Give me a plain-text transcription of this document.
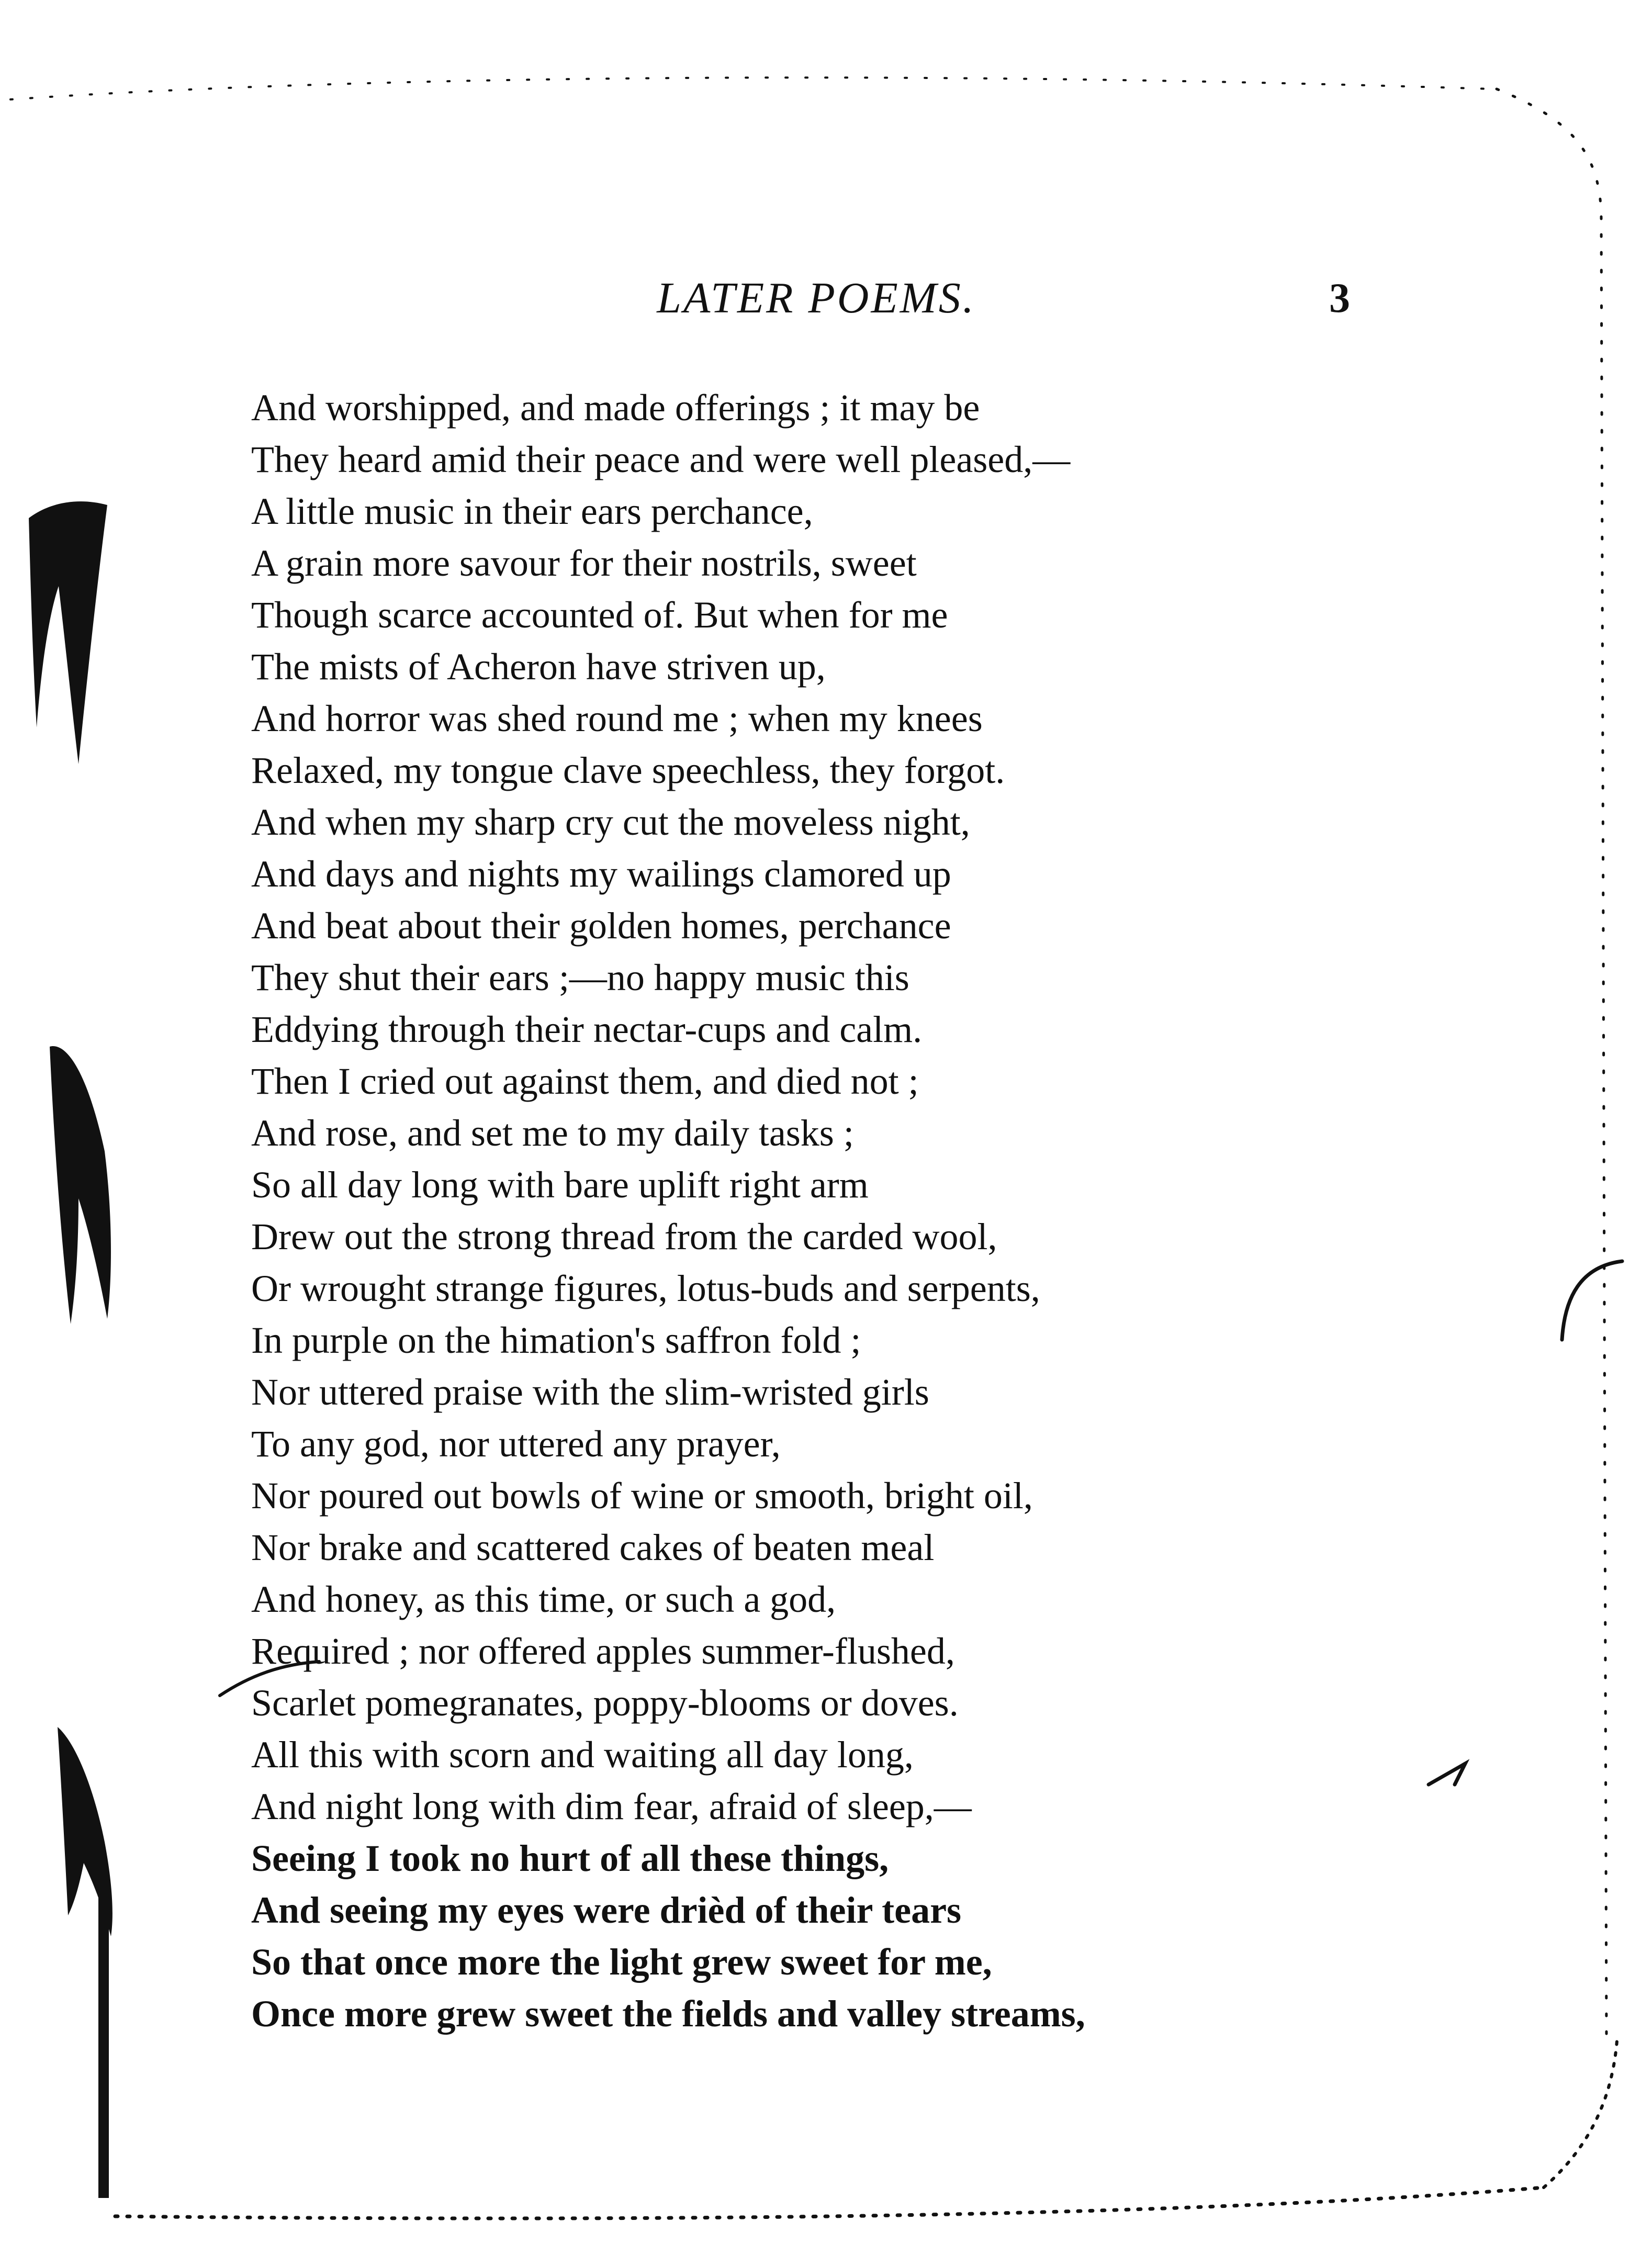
LATER POEMS.	3
And worshipped, and made offerings ; it may be
They heard amid their peace and were well pleased,—
A little music in their ears perchance,
A grain more savour for their nostrils, sweet
Though scarce accounted of. But when for me
The mists of Acheron have striven up,
And horror was shed round me ; when my knees
Relaxed, my tongue clave speechless, they forgot.
And when my sharp cry cut the moveless night,
And days and nights my wailings clamored up
And beat about their golden homes, perchance
They shut their ears ;—no happy music this
Eddying through their nectar-cups and calm.
Then I cried out against them, and died not ;
And rose, and set me to my daily tasks ;
So all day long with bare uplift right arm
Drew out the strong thread from the carded wool,
Or wrought strange figures, lotus-buds and serpents,
In purple on the himation's saffron fold ;
Nor uttered praise with the slim-wristed girls
To any god, nor uttered any prayer,
Nor poured out bowls of wine or smooth, bright oil,
Nor brake and scattered cakes of beaten meal
And honey, as this time, or such a god,
Required ; nor offered apples summer-flushed,
Scarlet pomegranates, poppy-blooms or doves.
All this with scorn and waiting all day long,
And night long with dim fear, afraid of sleep,—
Seeing I took no hurt of all these things,
And seeing my eyes were drièd of their tears
So that once more the light grew sweet for me,
Once more grew sweet the fields and valley streams,
